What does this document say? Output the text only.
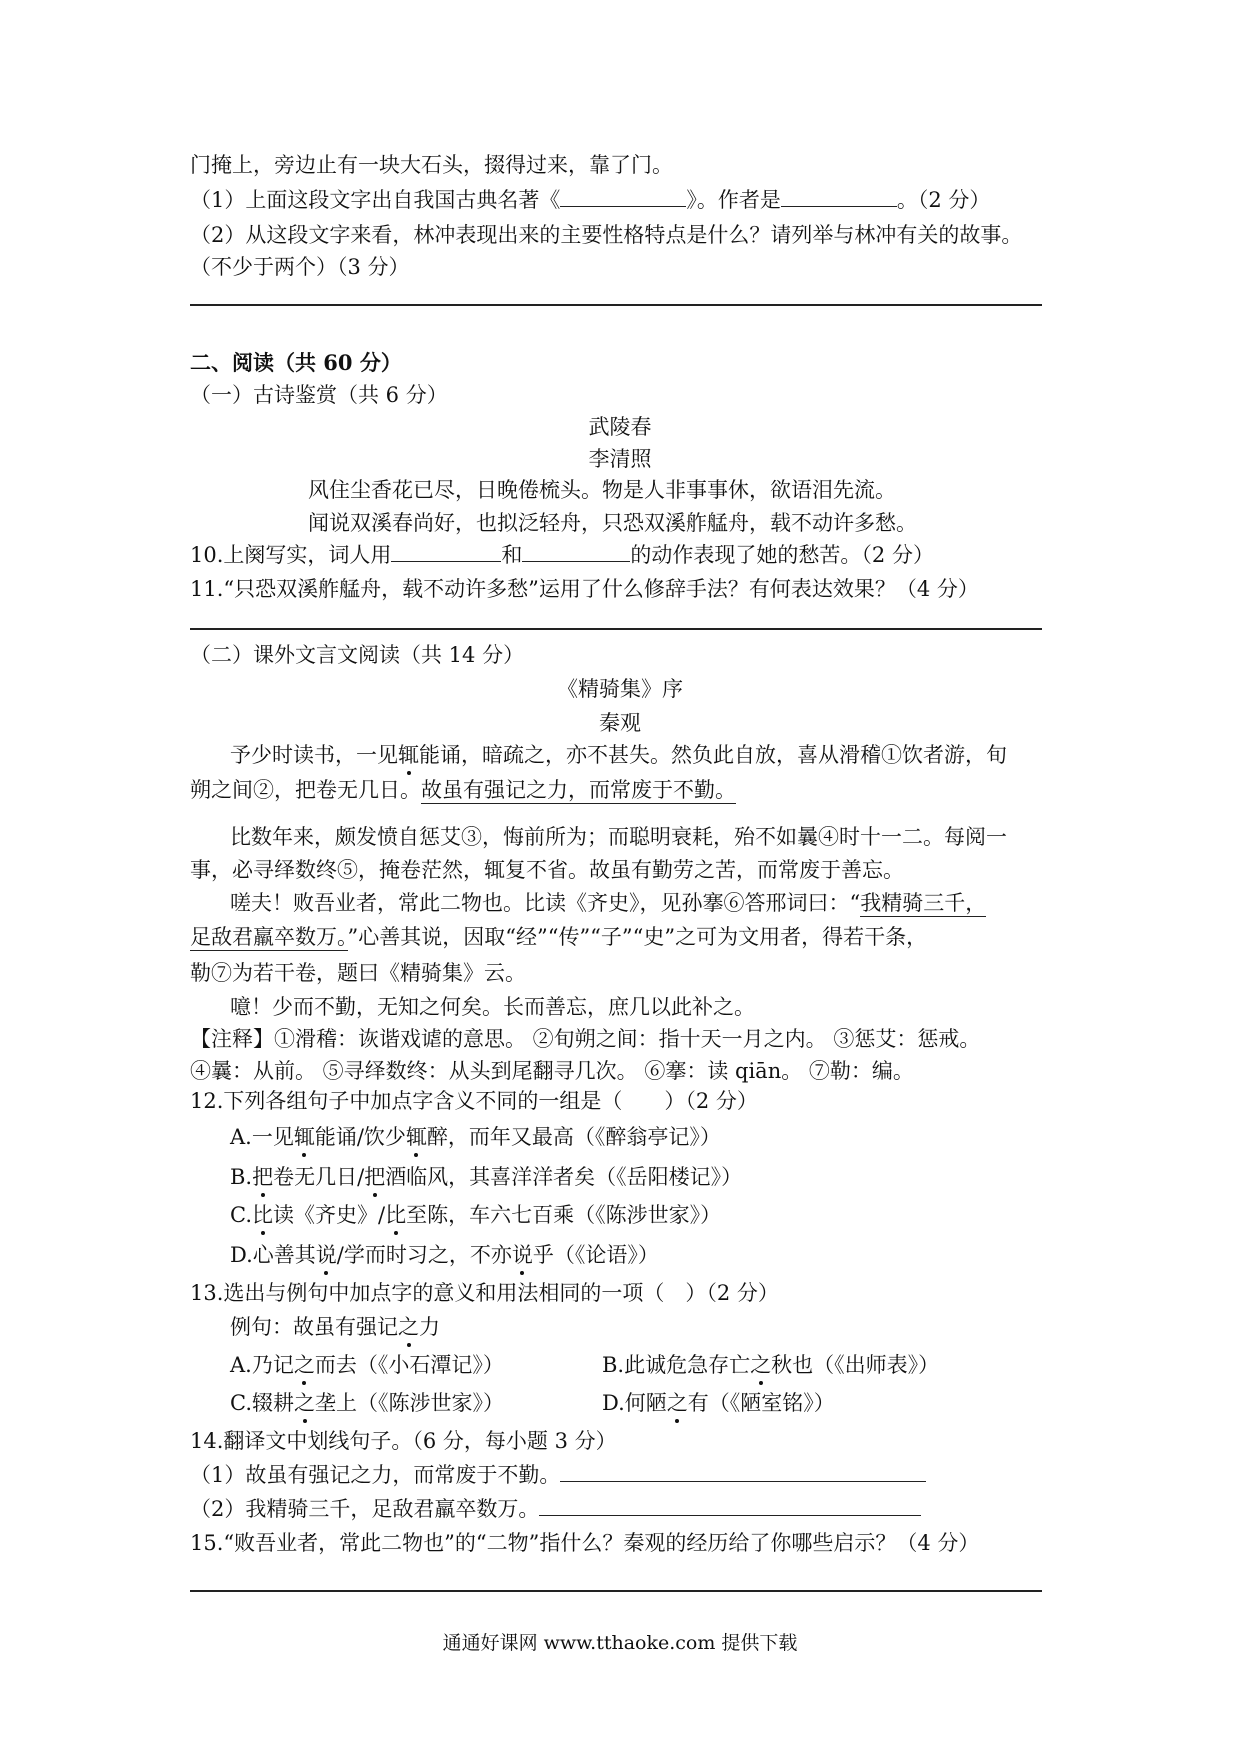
门掩上，旁边止有一块大石头，掇得过来，靠了门。
（1）上面这段文字出自我国古典名著《	》。作者是	。（2 分）
（2）从这段文字来看，林冲表现出来的主要性格特点是什么？请列举与林冲有关的故事。
（不少于两个）（3 分）
二、阅读（共 60 分）
（一）古诗鉴赏（共 6 分）
武陵春
李清照
风住尘香花已尽，日晚倦梳头。物是人非事事休，欲语泪先流。
闻说双溪春尚好，也拟泛轻舟，只恐双溪舴艋舟，载不动许多愁。
10.上阕写实，词人用	和	的动作表现了她的愁苦。（2 分）
11.“只恐双溪舴艋舟，载不动许多愁”运用了什么修辞手法？有何表达效果？（4 分）
（二）课外文言文阅读（共 14 分）
《精骑集》序
秦观
予少时读书，一见辄能诵，暗疏之，亦不甚失。然负此自放，喜从滑稽①饮者游，旬
朔之间②，把卷无几日。故虽有强记之力，而常废于不勤。
比数年来，颇发愤自惩艾③，悔前所为；而聪明衰耗，殆不如曩④时十一二。每阅一
事，必寻绎数终⑤，掩卷茫然，辄复不省。故虽有勤劳之苦，而常废于善忘。
嗟夫！败吾业者，常此二物也。比读《齐史》，见孙搴⑥答邢词曰：“我精骑三千，
足敌君羸卒数万。”心善其说，因取“经”“传”“子”“史”之可为文用者，得若干条，
勒⑦为若干卷，题曰《精骑集》云。
噫！少而不勤，无知之何矣。长而善忘，庶几以此补之。
【注释】①滑稽：诙谐戏谑的意思。 ②旬朔之间：指十天一月之内。 ③惩艾：惩戒。
④曩：从前。 ⑤寻绎数终：从头到尾翻寻几次。 ⑥搴：读 qiān。 ⑦勒：编。
12.下列各组句子中加点字含义不同的一组是（　　）（2 分）
A.一见辄能诵/饮少辄醉，而年又最高（《醉翁亭记》）
B.把卷无几日/把酒临风，其喜洋洋者矣（《岳阳楼记》）
C.比读《齐史》/比至陈，车六七百乘（《陈涉世家》）
D.心善其说/学而时习之，不亦说乎（《论语》）
13.选出与例句中加点字的意义和用法相同的一项（　）（2 分）
例句：故虽有强记之力
A.乃记之而去（《小石潭记》）	B.此诚危急存亡之秋也（《出师表》）
C.辍耕之垄上（《陈涉世家》）	D.何陋之有（《陋室铭》）
14.翻译文中划线句子。（6 分，每小题 3 分）
（1）故虽有强记之力，而常废于不勤。
（2）我精骑三千，足敌君羸卒数万。
15.“败吾业者，常此二物也”的“二物”指什么？秦观的经历给了你哪些启示？（4 分）
通通好课网 www.tthaoke.com 提供下载
